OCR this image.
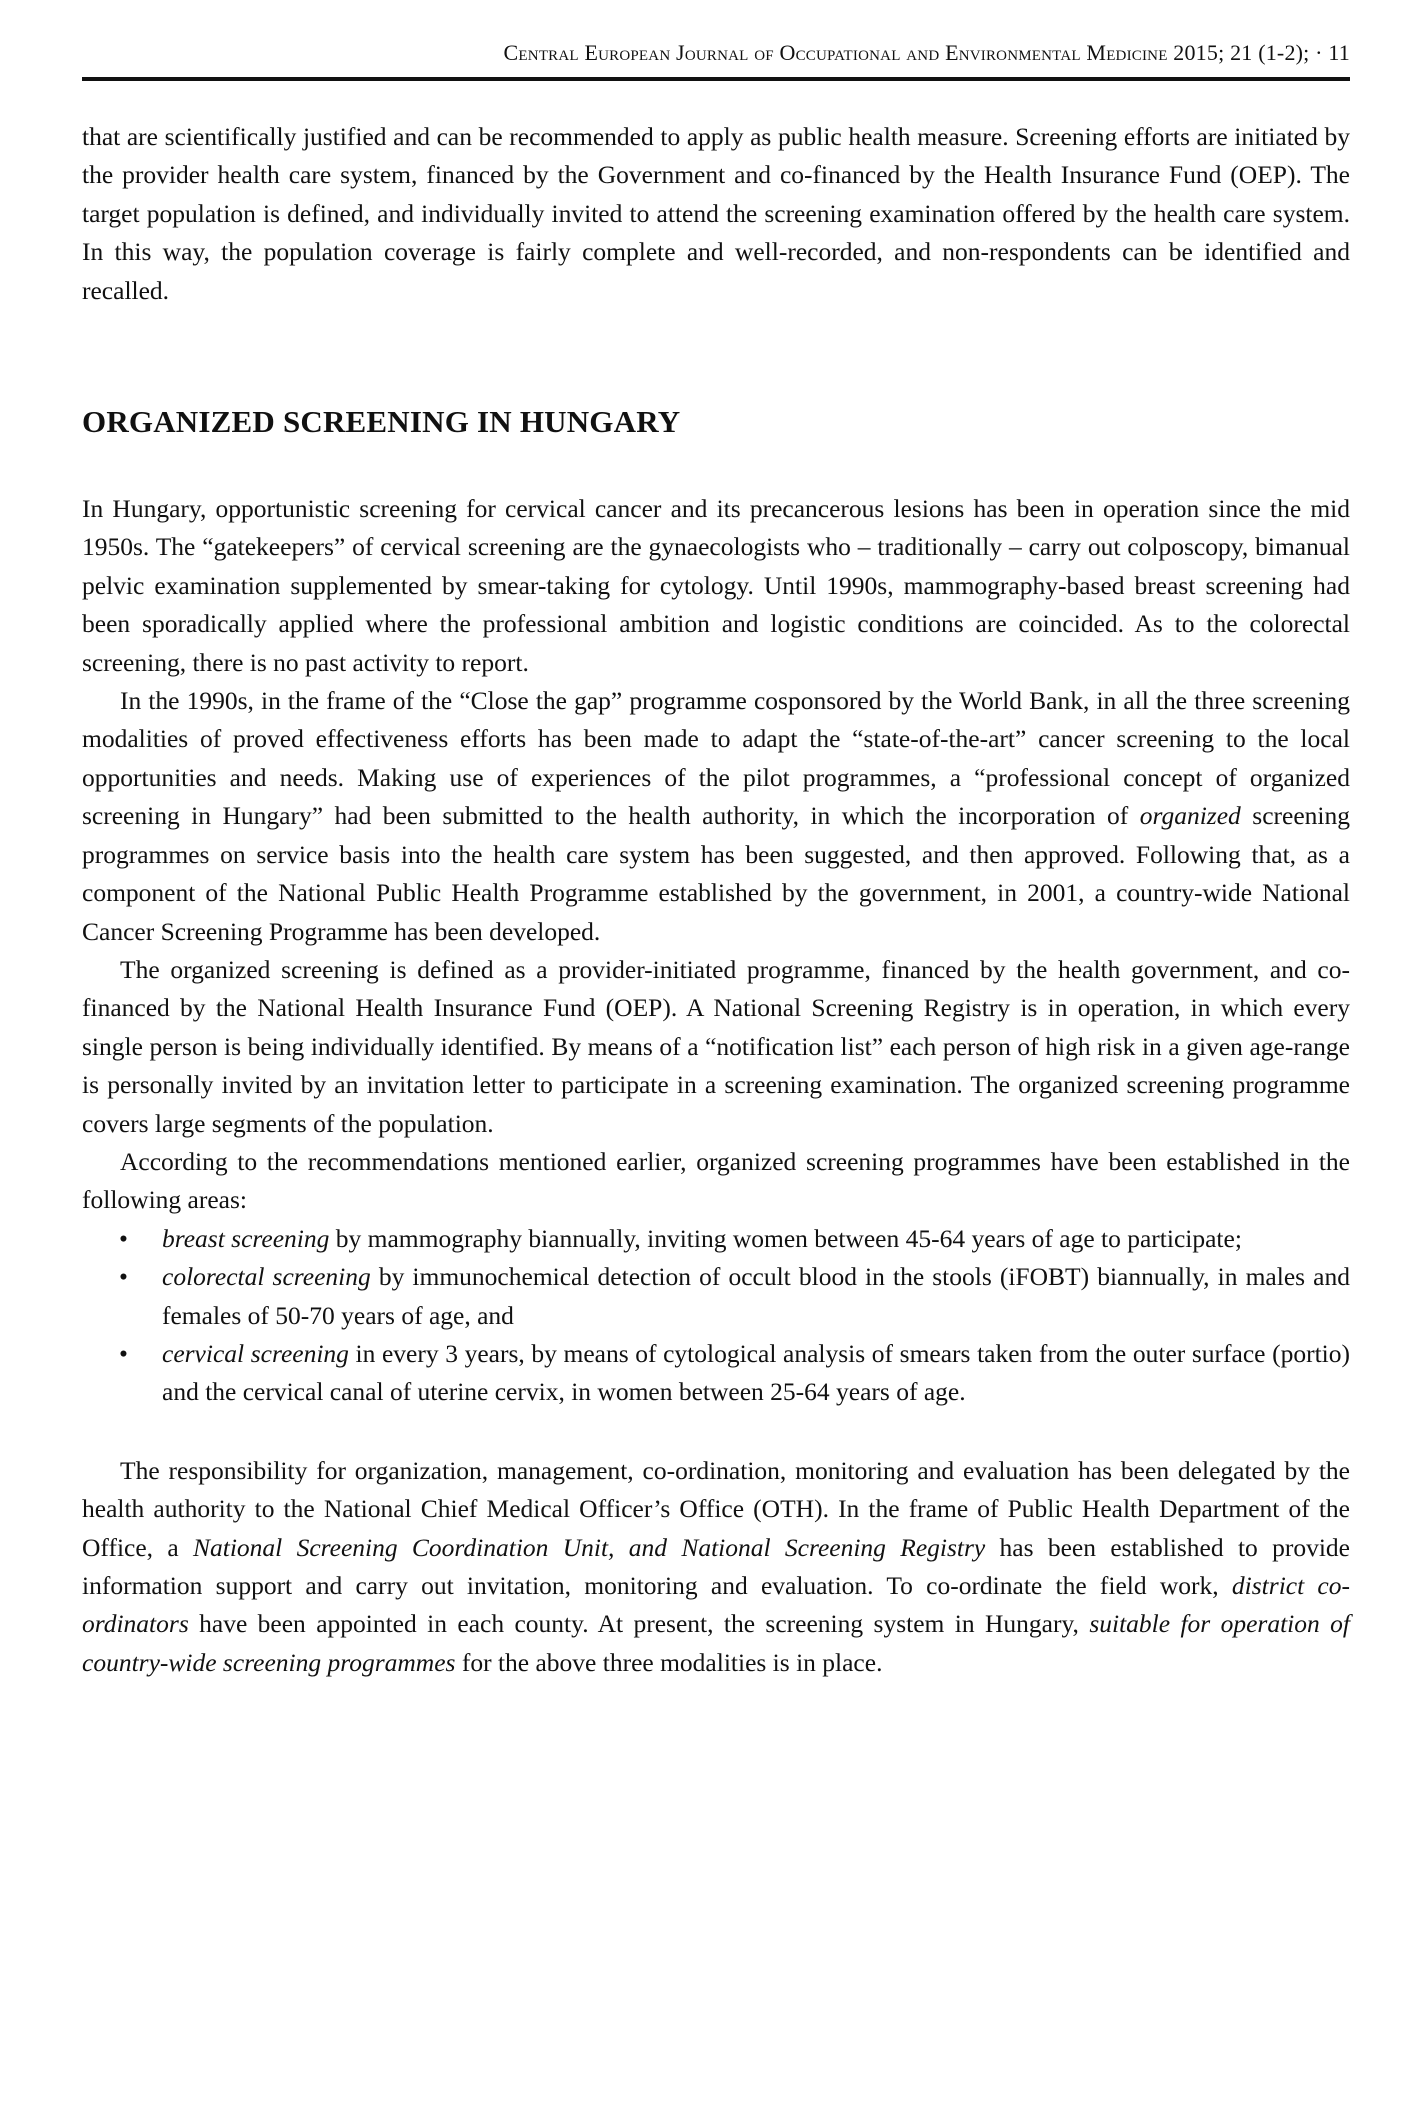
Central European Journal of Occupational and Environmental Medicine 2015; 21 (1-2); · 11

that are scientifically justified and can be recommended to apply as public health measure. Screening efforts are initiated by the provider health care system, financed by the Government and co-financed by the Health Insurance Fund (OEP). The target population is defined, and individually invited to attend the screening examination offered by the health care system. In this way, the population coverage is fairly complete and well-recorded, and non-respondents can be identified and recalled.

ORGANIZED SCREENING IN HUNGARY

In Hungary, opportunistic screening for cervical cancer and its precancerous lesions has been in operation since the mid 1950s. The “gatekeepers” of cervical screening are the gynaecologists who – traditionally – carry out colposcopy, bimanual pelvic examination supplemented by smear-taking for cytology. Until 1990s, mammography-based breast screening had been sporadically applied where the professional ambition and logistic conditions are coincided. As to the colorectal screening, there is no past activity to report.

In the 1990s, in the frame of the “Close the gap” programme cosponsored by the World Bank, in all the three screening modalities of proved effectiveness efforts has been made to adapt the “state-of-the-art” cancer screening to the local opportunities and needs. Making use of experiences of the pilot programmes, a “professional concept of organized screening in Hungary” had been submitted to the health authority, in which the incorporation of organized screening programmes on service basis into the health care system has been suggested, and then approved. Following that, as a component of the National Public Health Programme established by the government, in 2001, a country-wide National Cancer Screening Programme has been developed.

The organized screening is defined as a provider-initiated programme, financed by the health government, and co-financed by the National Health Insurance Fund (OEP). A National Screening Registry is in operation, in which every single person is being individually identified. By means of a “notification list” each person of high risk in a given age-range is personally invited by an invitation letter to participate in a screening examination. The organized screening programme covers large segments of the population.

According to the recommendations mentioned earlier, organized screening programmes have been established in the following areas:

• breast screening by mammography biannually, inviting women between 45-64 years of age to participate;
• colorectal screening by immunochemical detection of occult blood in the stools (iFOBT) biannually, in males and females of 50-70 years of age, and
• cervical screening in every 3 years, by means of cytological analysis of smears taken from the outer surface (portio) and the cervical canal of uterine cervix, in women between 25-64 years of age.

The responsibility for organization, management, co-ordination, monitoring and evaluation has been delegated by the health authority to the National Chief Medical Officer’s Office (OTH). In the frame of Public Health Department of the Office, a National Screening Coordination Unit, and National Screening Registry has been established to provide information support and carry out invitation, monitoring and evaluation. To co-ordinate the field work, district co-ordinators have been appointed in each county. At present, the screening system in Hungary, suitable for operation of country-wide screening programmes for the above three modalities is in place.
